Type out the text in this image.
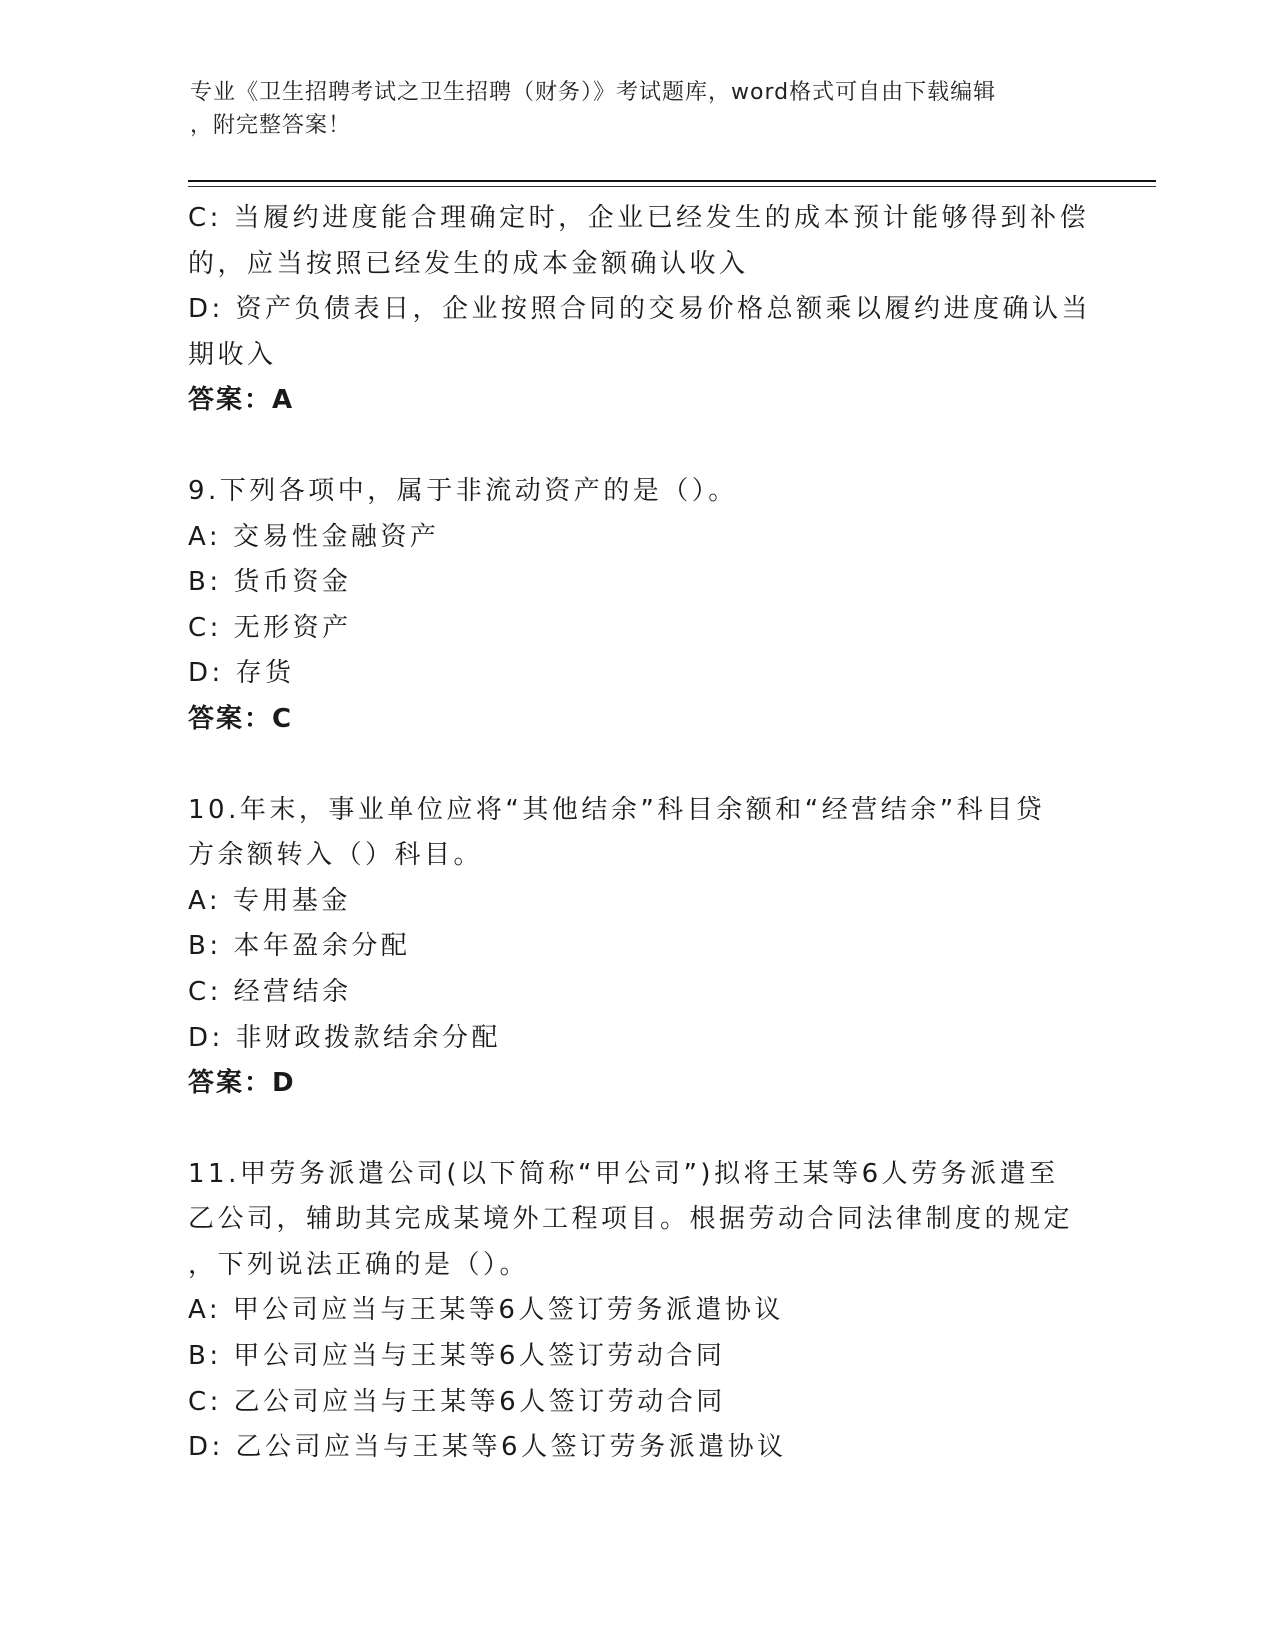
专业《卫生招聘考试之卫生招聘（财务）》考试题库，word格式可自由下载编辑
，附完整答案！
C: 当履约进度能合理确定时，企业已经发生的成本预计能够得到补偿
的，应当按照已经发生的成本金额确认收入
D: 资产负债表日，企业按照合同的交易价格总额乘以履约进度确认当
期收入
答案：A
9.下列各项中，属于非流动资产的是（）。
A: 交易性金融资产
B: 货币资金
C: 无形资产
D: 存货
答案：C
10.年末，事业单位应将“其他结余”科目余额和“经营结余”科目贷
方余额转入（）科目。
A: 专用基金
B: 本年盈余分配
C: 经营结余
D: 非财政拨款结余分配
答案：D
11.甲劳务派遣公司(以下简称“甲公司”)拟将王某等6人劳务派遣至
乙公司，辅助其完成某境外工程项目。根据劳动合同法律制度的规定
，下列说法正确的是（）。
A: 甲公司应当与王某等6人签订劳务派遣协议
B: 甲公司应当与王某等6人签订劳动合同
C: 乙公司应当与王某等6人签订劳动合同
D: 乙公司应当与王某等6人签订劳务派遣协议
